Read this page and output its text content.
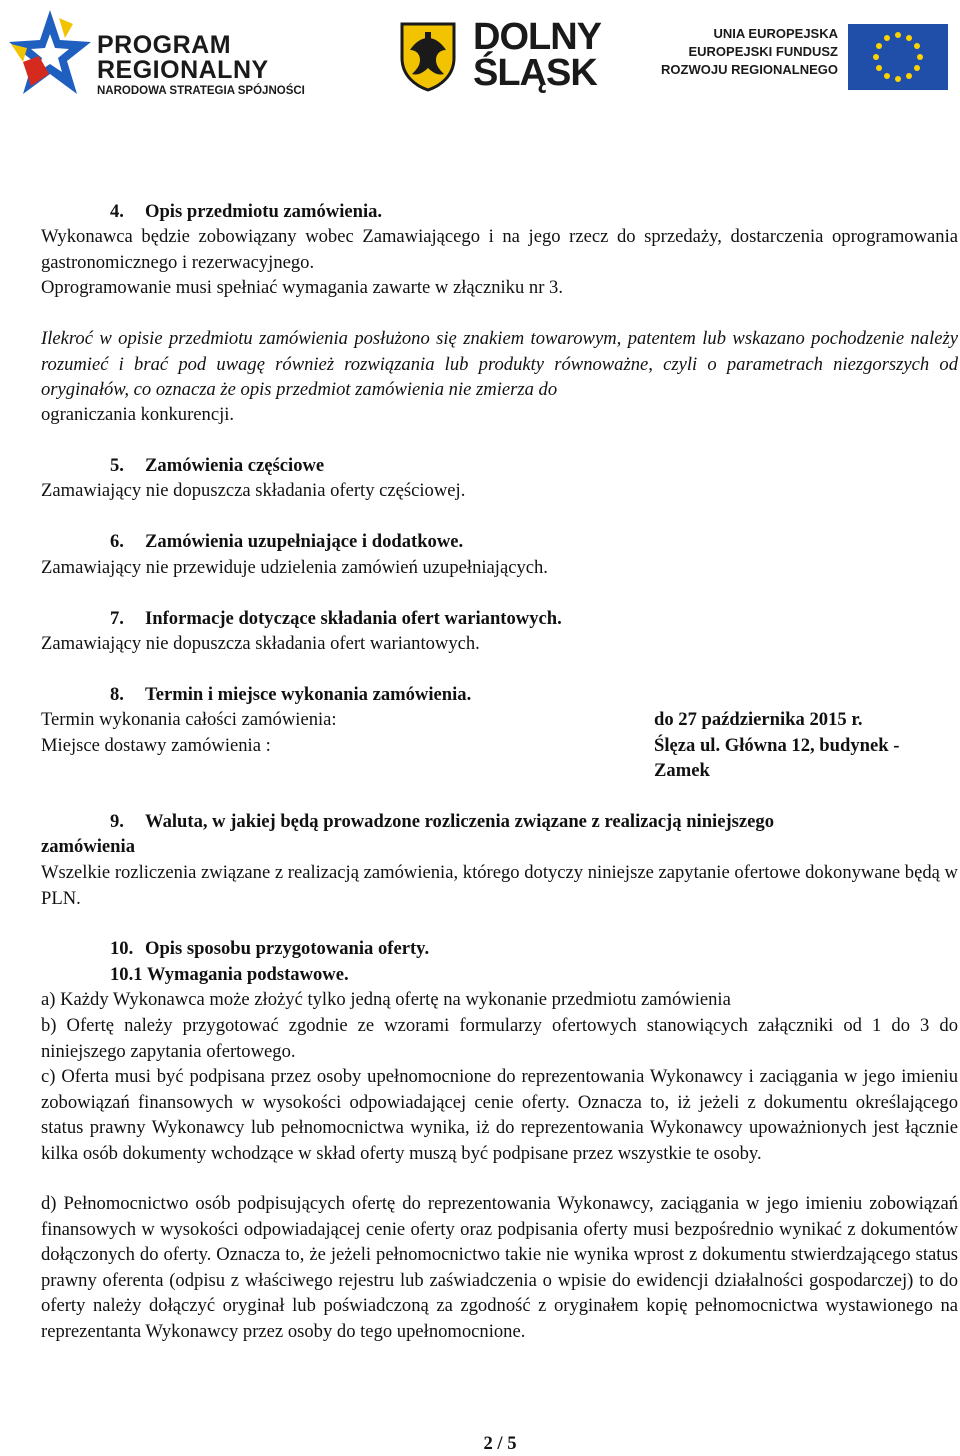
PROGRAM
REGIONALNY
NARODOWA STRATEGIA SPÓJNOŚCI
DOLNY
ŚLĄSK
UNIA EUROPEJSKA
EUROPEJSKI FUNDUSZ
ROZWOJU REGIONALNEGO
4. Opis przedmiotu zamówienia.

Wykonawca będzie zobowiązany wobec Zamawiającego i na jego rzecz do sprzedaży, dostarczenia oprogramowania gastronomicznego i rezerwacyjnego.

Oprogramowanie musi spełniać wymagania zawarte w złączniku nr 3.

Ilekroć w opisie przedmiotu zamówienia posłużono się znakiem towarowym, patentem lub wskazano pochodzenie należy rozumieć i brać pod uwagę również rozwiązania lub produkty równoważne, czyli o parametrach niezgorszych od oryginałów, co oznacza że opis przedmiot zamówienia nie zmierza do

ograniczania konkurencji.

5. Zamówienia częściowe

Zamawiający nie dopuszcza składania oferty częściowej.

6. Zamówienia uzupełniające i dodatkowe.

Zamawiający nie przewiduje udzielenia zamówień uzupełniających.

7. Informacje dotyczące składania ofert wariantowych.

Zamawiający nie dopuszcza składania ofert wariantowych.

8. Termin i miejsce wykonania zamówienia.

Termin wykonania całości zamówienia:	do 27 października 2015 r.

Miejsce dostawy zamówienia :	Ślęza ul. Główna 12, budynek -

Zamek

9. Waluta, w jakiej będą prowadzone rozliczenia związane z realizacją niniejszego

zamówienia

Wszelkie rozliczenia związane z realizacją zamówienia, którego dotyczy niniejsze zapytanie ofertowe dokonywane będą w PLN.

10. Opis sposobu przygotowania oferty.
10.1 Wymagania podstawowe.

a) Każdy Wykonawca może złożyć tylko jedną ofertę na wykonanie przedmiotu zamówienia

b) Ofertę należy przygotować zgodnie ze wzorami formularzy ofertowych stanowiących załączniki od 1 do 3 do niniejszego zapytania ofertowego.

c) Oferta musi być podpisana przez osoby upełnomocnione do reprezentowania Wykonawcy i zaciągania w jego imieniu zobowiązań finansowych w wysokości odpowiadającej cenie oferty. Oznacza to, iż jeżeli z dokumentu określającego status prawny Wykonawcy lub pełnomocnictwa wynika, iż do reprezentowania Wykonawcy upoważnionych jest łącznie kilka osób dokumenty wchodzące w skład oferty muszą być podpisane przez wszystkie te osoby.

d) Pełnomocnictwo osób podpisujących ofertę do reprezentowania Wykonawcy, zaciągania w jego imieniu zobowiązań finansowych w wysokości odpowiadającej cenie oferty oraz podpisania oferty musi bezpośrednio wynikać z dokumentów dołączonych do oferty. Oznacza to, że jeżeli pełnomocnictwo takie nie wynika wprost z dokumentu stwierdzającego status prawny oferenta (odpisu z właściwego rejestru lub zaświadczenia o wpisie do ewidencji działalności gospodarczej) to do oferty należy dołączyć oryginał lub poświadczoną za zgodność z oryginałem kopię pełnomocnictwa wystawionego na reprezentanta Wykonawcy przez osoby do tego upełnomocnione.

2 / 5
